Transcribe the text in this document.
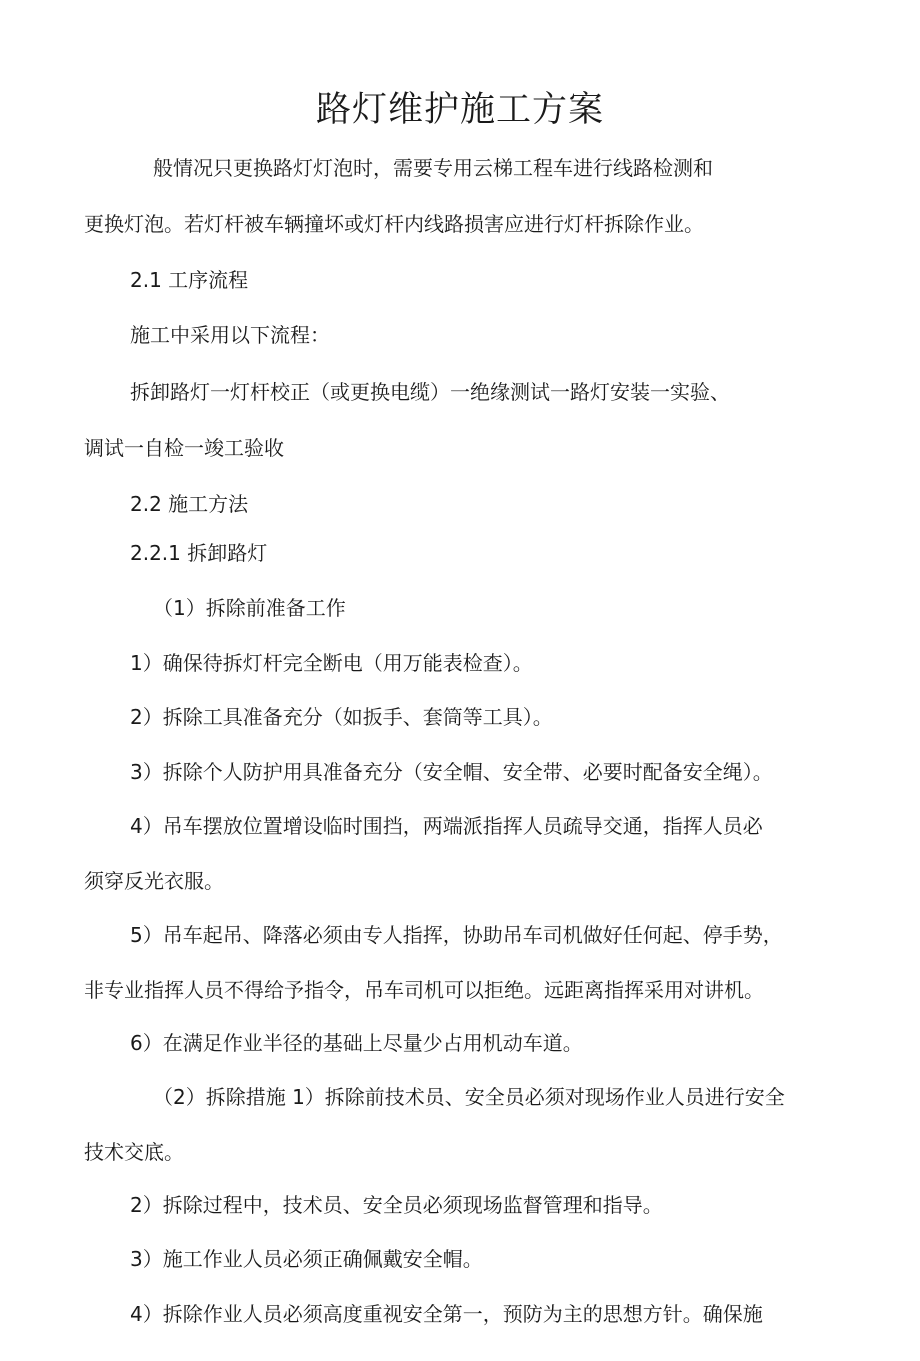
路灯维护施工方案
般情况只更换路灯灯泡时，需要专用云梯工程车进行线路检测和
更换灯泡。若灯杆被车辆撞坏或灯杆内线路损害应进行灯杆拆除作业。
2.1 工序流程
施工中采用以下流程：
拆卸路灯一灯杆校正（或更换电缆）一绝缘测试一路灯安装一实验、
调试一自检一竣工验收
2.2 施工方法
2.2.1 拆卸路灯
（1）拆除前准备工作
1）确保待拆灯杆完全断电（用万能表检查）。
2）拆除工具准备充分（如扳手、套筒等工具）。
3）拆除个人防护用具准备充分（安全帽、安全带、必要时配备安全绳）。
4）吊车摆放位置增设临时围挡，两端派指挥人员疏导交通，指挥人员必
须穿反光衣服。
5）吊车起吊、降落必须由专人指挥，协助吊车司机做好任何起、停手势，
非专业指挥人员不得给予指令，吊车司机可以拒绝。远距离指挥采用对讲机。
6）在满足作业半径的基础上尽量少占用机动车道。
（2）拆除措施 1）拆除前技术员、安全员必须对现场作业人员进行安全
技术交底。
2）拆除过程中，技术员、安全员必须现场监督管理和指导。
3）施工作业人员必须正确佩戴安全帽。
4）拆除作业人员必须高度重视安全第一，预防为主的思想方针。确保施
